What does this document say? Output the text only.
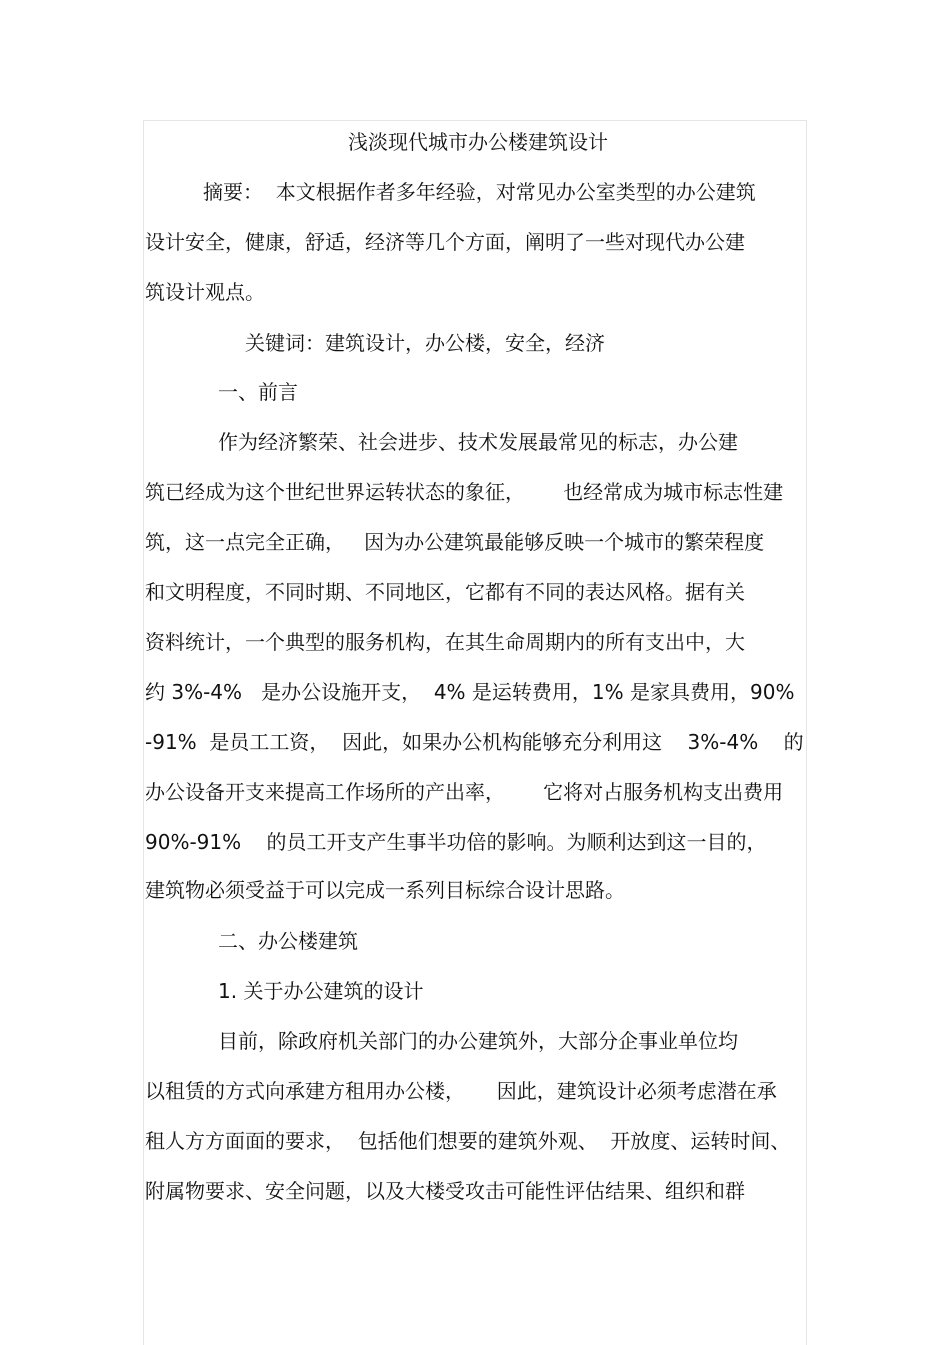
浅淡现代城市办公楼建筑设计

摘要：  本文根据作者多年经验，对常见办公室类型的办公建筑

设计安全，健康，舒适，经济等几个方面，阐明了一些对现代办公建

筑设计观点。

关键词：建筑设计，办公楼，安全，经济

一、前言

作为经济繁荣、社会进步、技术发展最常见的标志，办公建

筑已经成为这个世纪世界运转状态的象征，      也经常成为城市标志性建

筑，这一点完全正确，   因为办公建筑最能够反映一个城市的繁荣程度

和文明程度，不同时期、不同地区，它都有不同的表达风格。据有关

资料统计，一个典型的服务机构，在其生命周期内的所有支出中，大

约 3%-4%   是办公设施开支，  4% 是运转费用，1% 是家具费用，90%

-91%  是员工工资，  因此，如果办公机构能够充分利用这    3%-4%    的

办公设备开支来提高工作场所的产出率，      它将对占服务机构支出费用

90%-91%    的员工开支产生事半功倍的影响。为顺利达到这一目的，

建筑物必须受益于可以完成一系列目标综合设计思路。

二、办公楼建筑

1. 关于办公建筑的设计

目前，除政府机关部门的办公建筑外，大部分企事业单位均

以租赁的方式向承建方租用办公楼，     因此，建筑设计必须考虑潜在承

租人方方面面的要求，  包括他们想要的建筑外观、  开放度、运转时间、

附属物要求、安全问题，以及大楼受攻击可能性评估结果、组织和群
